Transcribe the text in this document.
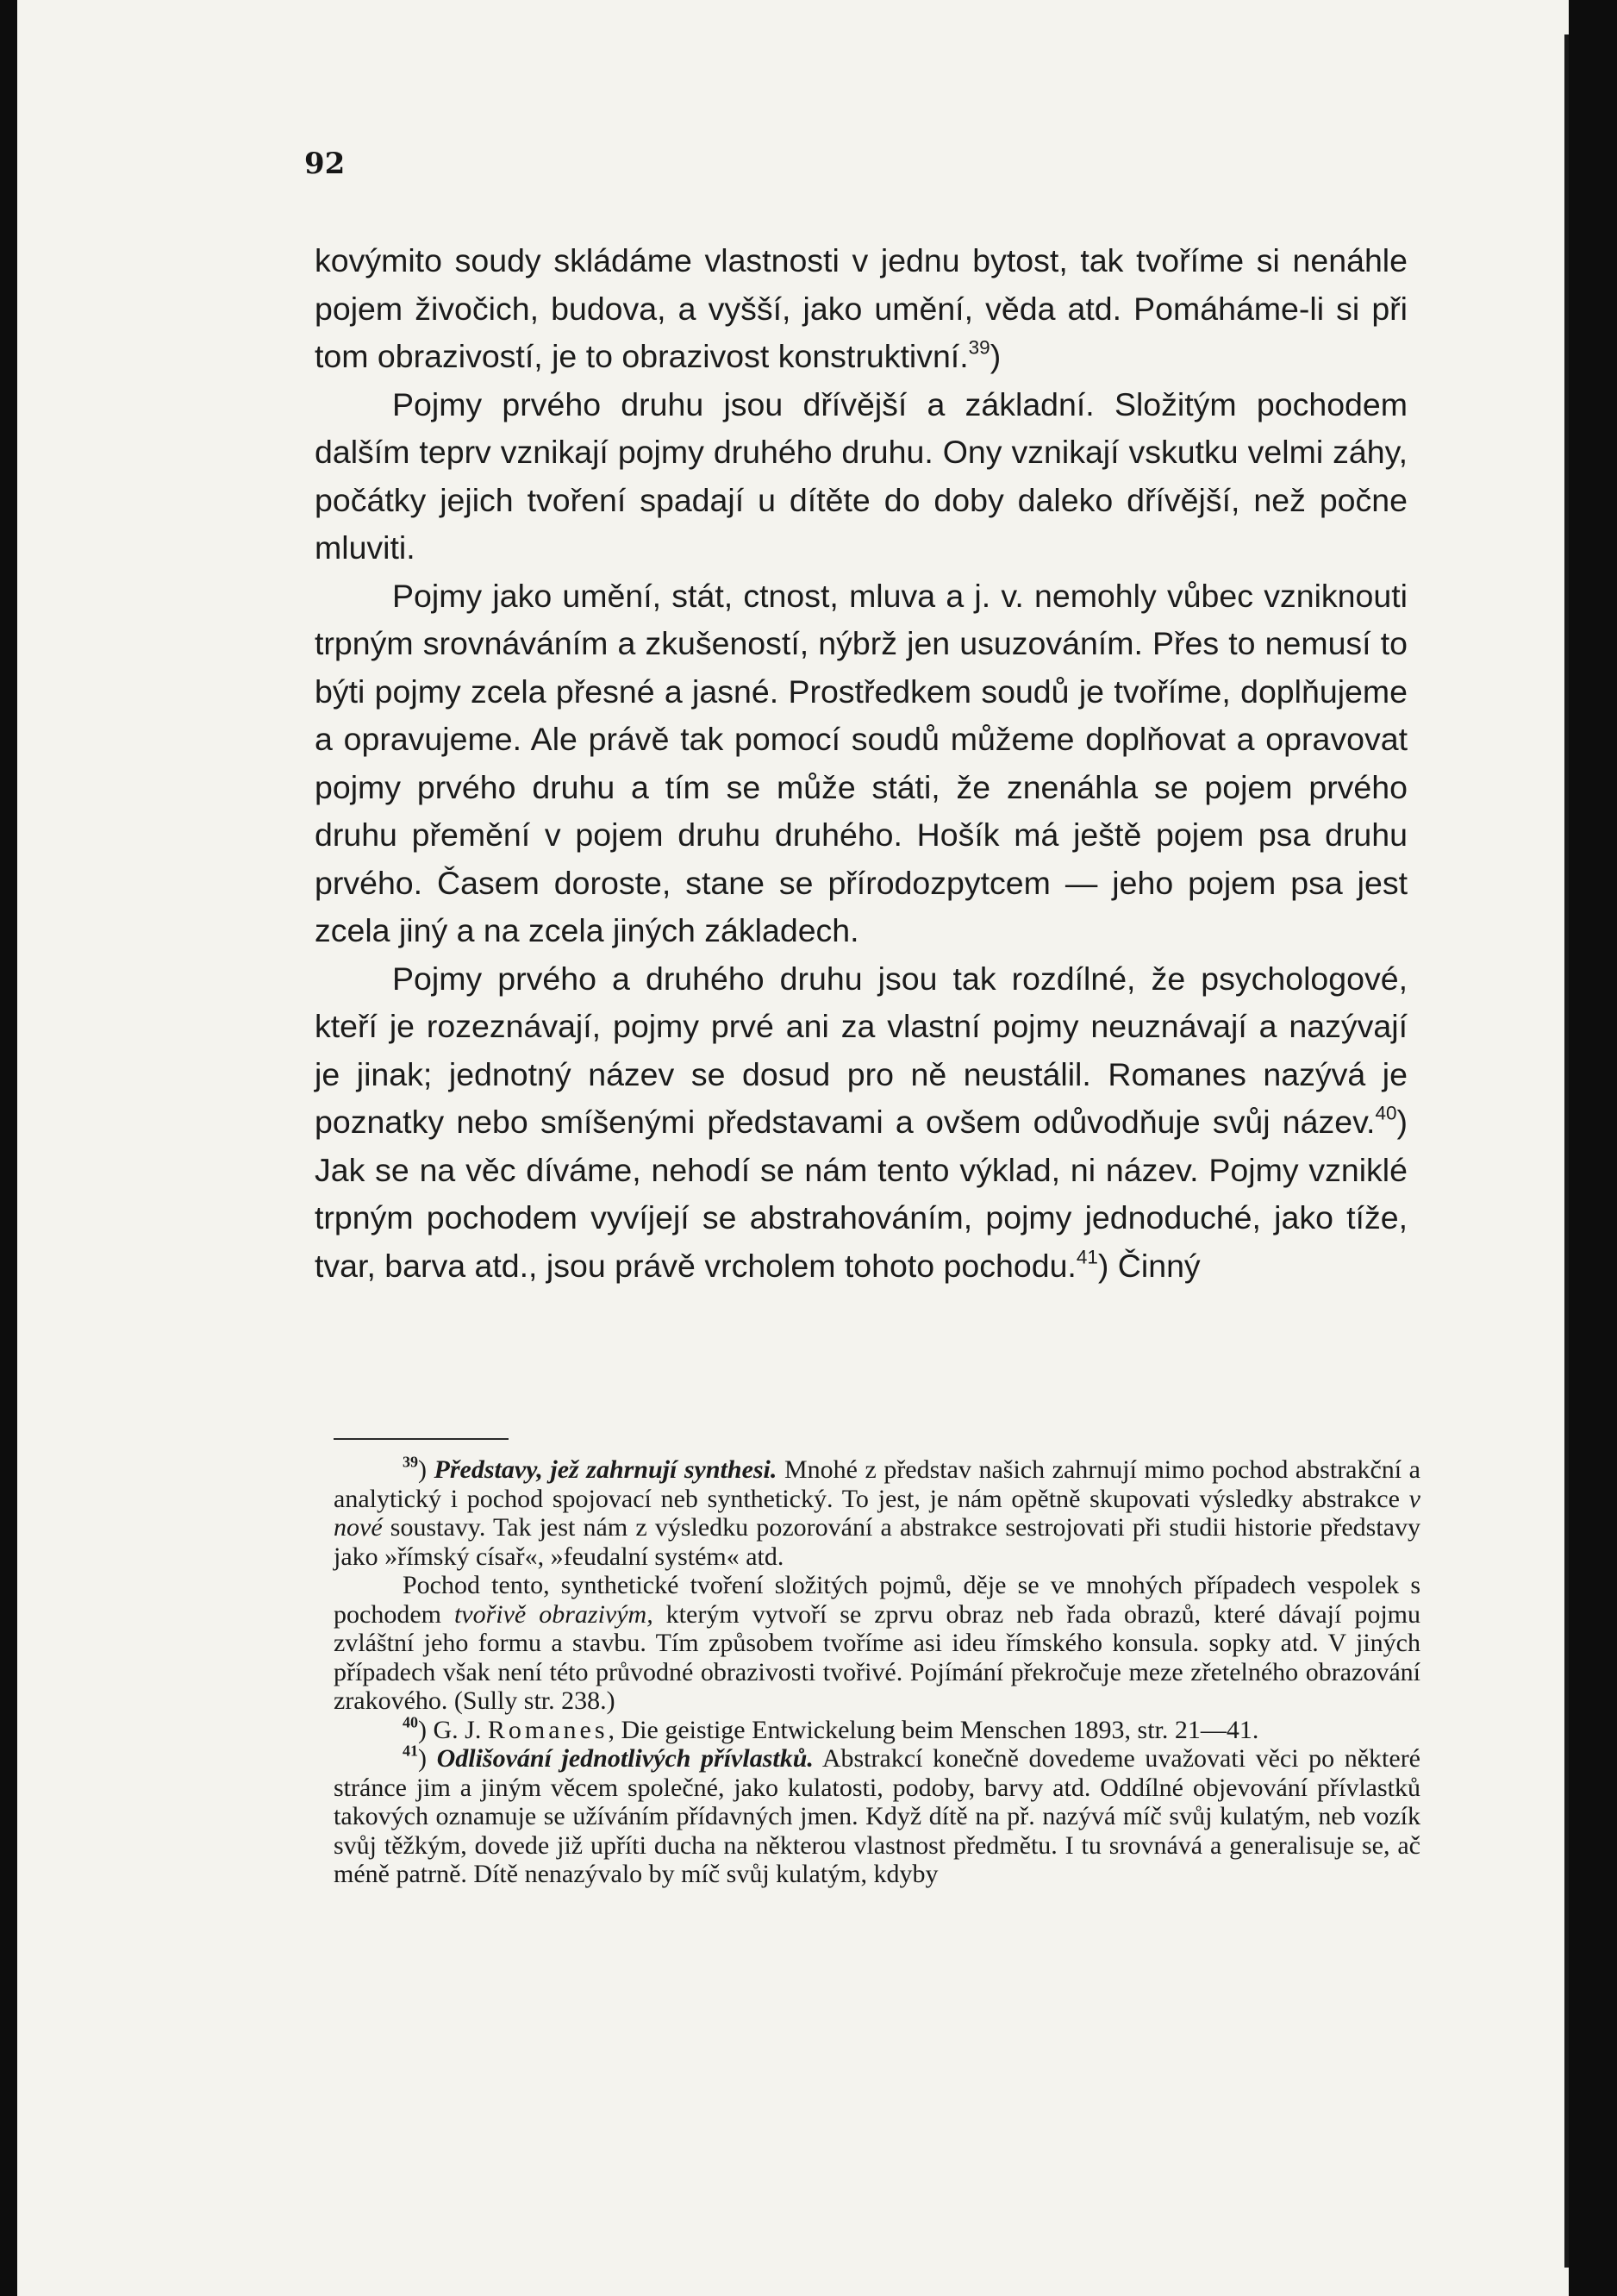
92

kovýmito soudy skládáme vlastnosti v jednu bytost, tak tvoříme si nenáhle pojem živočich, budova, a vyšší, jako umění, věda atd. Pomáháme-li si při tom obrazivostí, je to obrazivost konstruktivní.$^{39}$)

Pojmy prvého druhu jsou dřívější a základní. Složitým pochodem dalším teprv vznikají pojmy druhého druhu. Ony vznikají vskutku velmi záhy, počátky jejich tvoření spadají u dítěte do doby daleko dřívější, než počne mluviti.

Pojmy jako umění, stát, ctnost, mluva a j. v. nemohly vůbec vzniknouti trpným srovnáváním a zkušeností, nýbrž jen usuzováním. Přes to nemusí to býti pojmy zcela přesné a jasné. Prostředkem soudů je tvoříme, doplňujeme a opravujeme. Ale právě tak pomocí soudů můžeme doplňovat a opravovat pojmy prvého druhu a tím se může státi, že znenáhla se pojem prvého druhu přemění v pojem druhu druhého. Hošík má ještě pojem psa druhu prvého. Časem doroste, stane se přírodozpytcem — jeho pojem psa jest zcela jiný a na zcela jiných základech.

Pojmy prvého a druhého druhu jsou tak rozdílné, že psychologové, kteří je rozeznávají, pojmy prvé ani za vlastní pojmy neuznávají a nazývají je jinak; jednotný název se dosud pro ně neustálil. Romanes nazývá je poznatky nebo smíšenými představami a ovšem odůvodňuje svůj název.$^{40}$) Jak se na věc díváme, nehodí se nám tento výklad, ni název. Pojmy vzniklé trpným pochodem vyvíjejí se abstrahováním, pojmy jednoduché, jako tíže, tvar, barva atd., jsou právě vrcholem tohoto pochodu.$^{41}$) Činný

$^{39}$) Představy, jež zahrnují synthesi. Mnohé z představ našich zahrnují mimo pochod abstrakční a analytický i pochod spojovací neb synthetický. To jest, je nám opětně skupovati výsledky abstrakce v nové soustavy. Tak jest nám z výsledku pozorování a abstrakce sestrojovati při studii historie představy jako »římský císař«, »feudalní systém« atd.

Pochod tento, synthetické tvoření složitých pojmů, děje se ve mnohých případech vespolek s pochodem tvořivě obrazivým, kterým vytvoří se zprvu obraz neb řada obrazů, které dávají pojmu zvláštní jeho formu a stavbu. Tím způsobem tvoříme asi ideu římského konsula. sopky atd. V jiných případech však není této průvodné obrazivosti tvořivé. Pojímání překročuje meze zřetelného obrazování zrakového. (Sully str. 238.)

$^{40}$) G. J. Romanes, Die geistige Entwickelung beim Menschen 1893, str. 21—41.

$^{41}$) Odlišování jednotlivých přívlastků. Abstrakcí konečně dovedeme uvažovati věci po některé stránce jim a jiným věcem společné, jako kulatosti, podoby, barvy atd. Oddílné objevování přívlastků takových oznamuje se užíváním přídavných jmen. Když dítě na př. nazývá míč svůj kulatým, neb vozík svůj těžkým, dovede již upříti ducha na některou vlastnost předmětu. I tu srovnává a generalisuje se, ač méně patrně. Dítě nenazývalo by míč svůj kulatým, kdyby
